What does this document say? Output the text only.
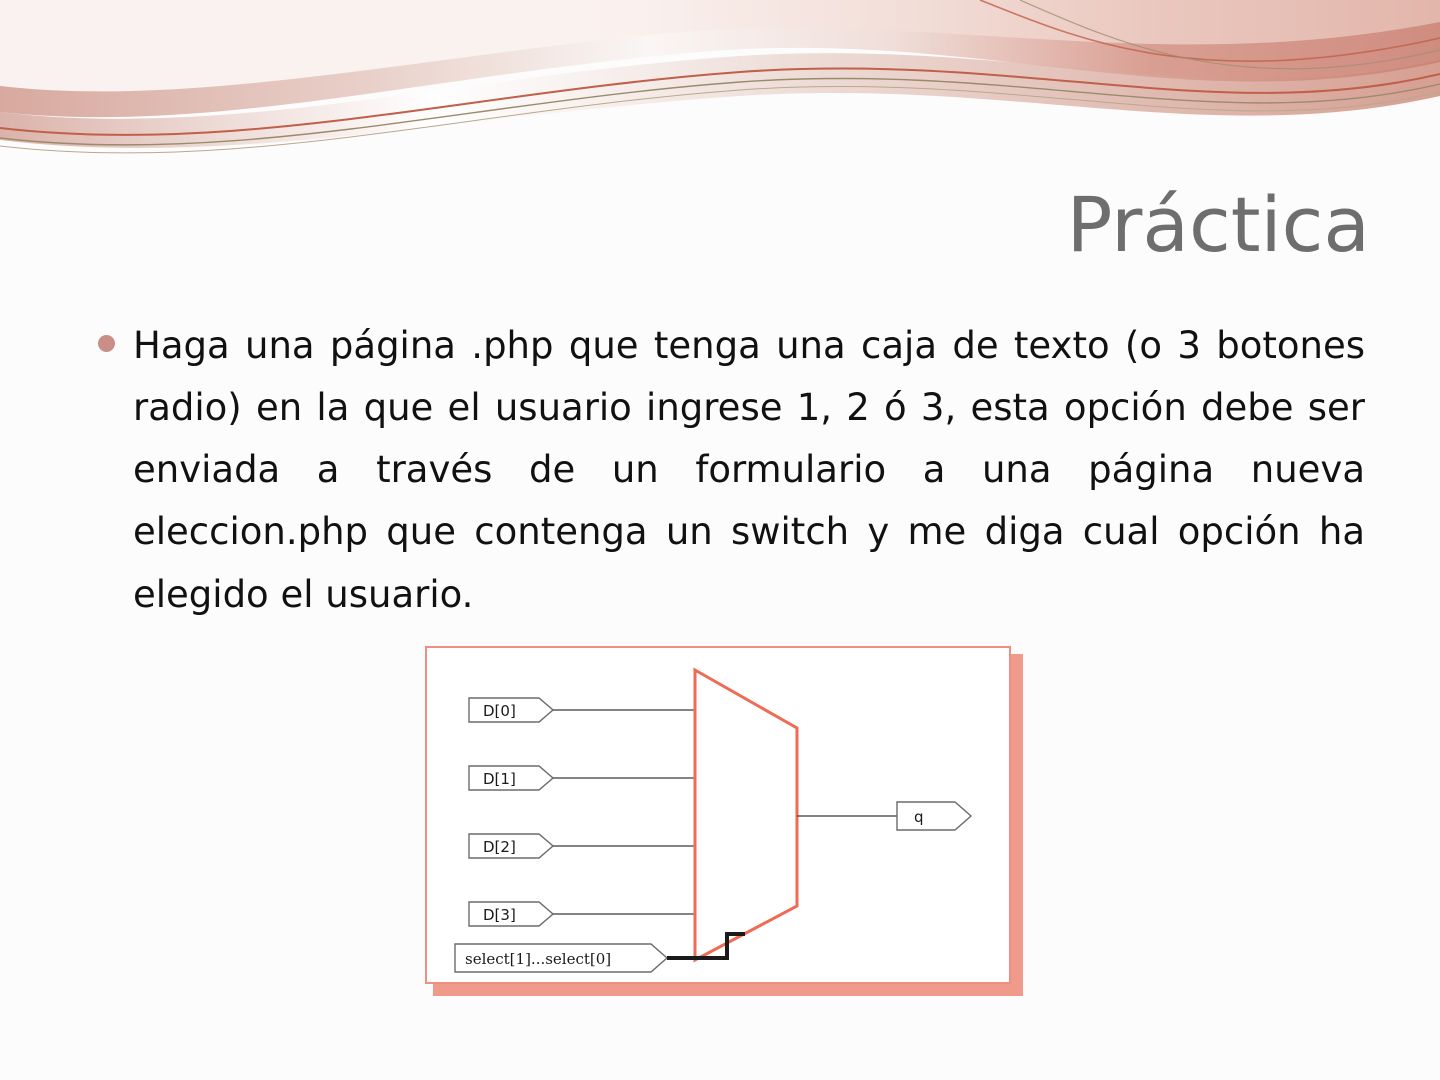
Práctica
Haga una página .php que tenga una caja de texto (o 3 botones radio) en la que el usuario ingrese 1, 2 ó 3, esta opción debe ser enviada a través de un formulario a una página nueva eleccion.php que contenga un switch y me diga cual opción ha elegido el usuario.
D[0]
D[1]
D[2]
D[3]
q
select[1]...select[0]
